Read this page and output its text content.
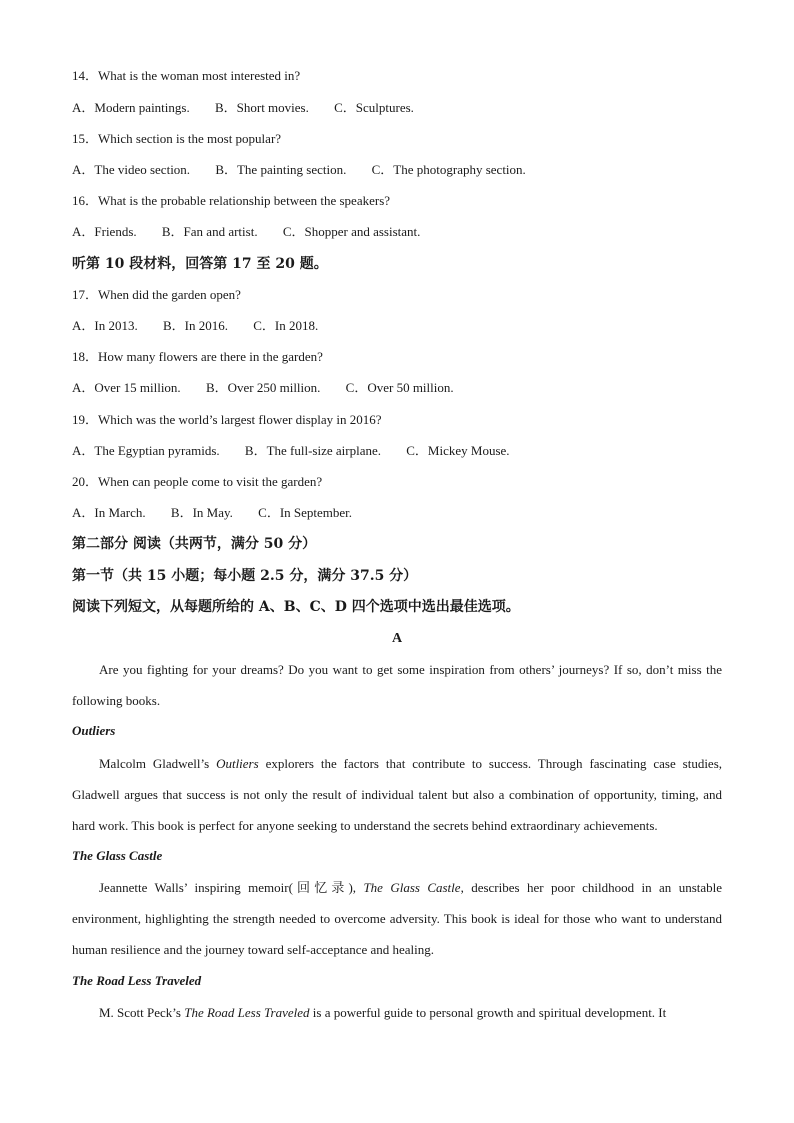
14．What is the woman most interested in?
A．Modern paintings. B．Short movies. C．Sculptures.
15．Which section is the most popular?
A．The video section. B．The painting section. C．The photography section.
16．What is the probable relationship between the speakers?
A．Friends. B．Fan and artist. C．Shopper and assistant.
听第 10 段材料，回答第 17 至 20 题。
17．When did the garden open?
A．In 2013. B．In 2016. C．In 2018.
18．How many flowers are there in the garden?
A．Over 15 million. B．Over 250 million. C．Over 50 million.
19．Which was the world’s largest flower display in 2016?
A．The Egyptian pyramids. B．The full-size airplane. C．Mickey Mouse.
20．When can people come to visit the garden?
A．In March. B．In May. C．In September.
第二部分 阅读（共两节，满分 50 分）
第一节（共 15 小题；每小题 2.5 分，满分 37.5 分）
阅读下列短文，从每题所给的 A、B、C、D 四个选项中选出最佳选项。
A
Are you fighting for your dreams? Do you want to get some inspiration from others’ journeys? If so, don’t miss the following books.
Outliers
Malcolm Gladwell’s Outliers explorers the factors that contribute to success. Through fascinating case studies, Gladwell argues that success is not only the result of individual talent but also a combination of opportunity, timing, and hard work. This book is perfect for anyone seeking to understand the secrets behind extraordinary achievements.
The Glass Castle
Jeannette Walls’ inspiring memoir(回忆录), The Glass Castle, describes her poor childhood in an unstable environment, highlighting the strength needed to overcome adversity. This book is ideal for those who want to understand human resilience and the journey toward self-acceptance and healing.
The Road Less Traveled
M. Scott Peck’s The Road Less Traveled is a powerful guide to personal growth and spiritual development. It
